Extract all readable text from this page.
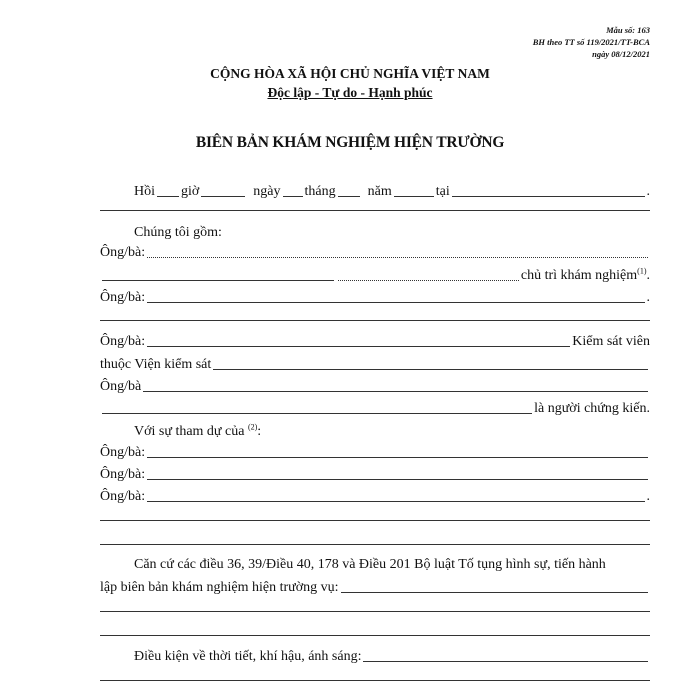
Mẫu số: 163
BH theo TT số 119/2021/TT-BCA
ngày 08/12/2021
CỘNG HÒA XÃ HỘI CHỦ NGHĨA VIỆT NAM
Độc lập - Tự do - Hạnh phúc
BIÊN BẢN KHÁM NGHIỆM HIỆN TRƯỜNG
Hồi giờ	ngày tháng năm	tại	.
Chúng tôi gồm:
Ông/bà:
chủ trì khám nghiệm$^{(1)}$.
Ông/bà:	.
Ông/bà:	Kiểm sát viên
thuộc Viện kiểm sát
Ông/bà
là người chứng kiến.
Với sự tham dự của $^{(2)}$:
Ông/bà:
Ông/bà:
Ông/bà:	.
Căn cứ các điều 36, 39/Điều 40, 178 và Điều 201 Bộ luật Tố tụng hình sự, tiến hành
lập biên bản khám nghiệm hiện trường vụ:
Điều kiện về thời tiết, khí hậu, ánh sáng:
